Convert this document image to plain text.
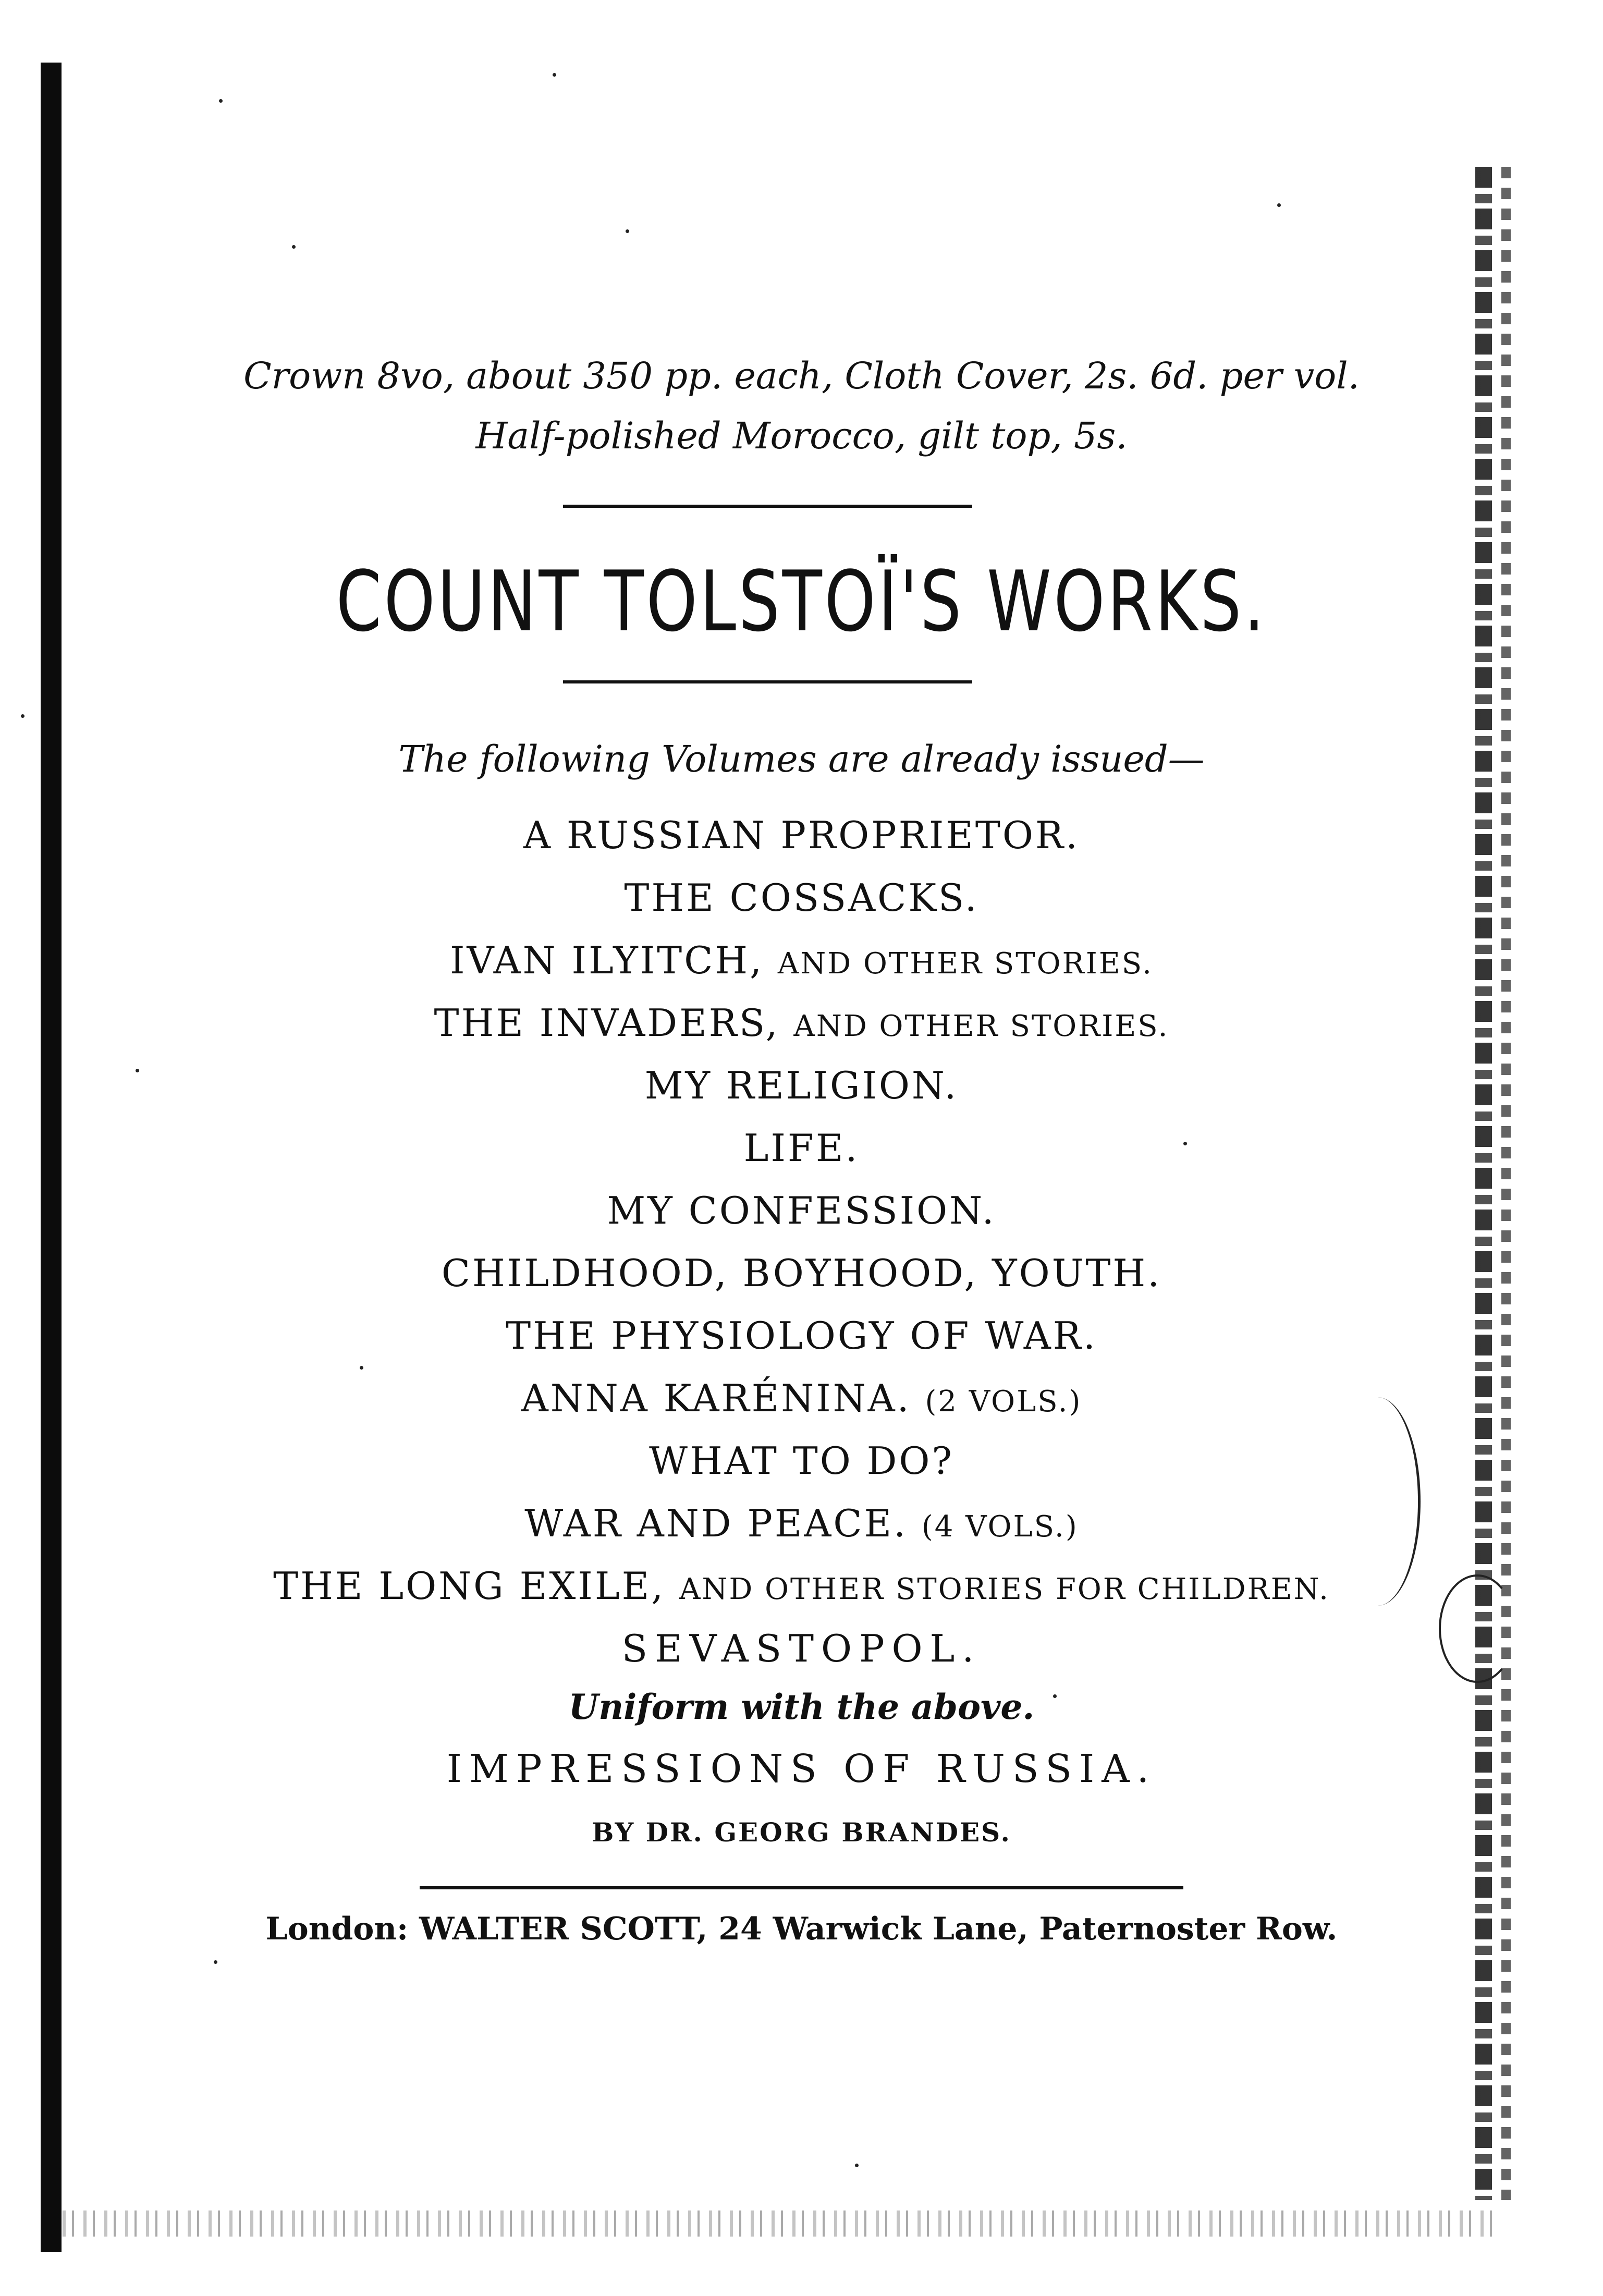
Crown 8vo, about 350 pp. each, Cloth Cover, 2s. 6d. per vol.

Half-polished Morocco, gilt top, 5s.

COUNT TOLSTOÏ'S WORKS.

The following Volumes are already issued—

A RUSSIAN PROPRIETOR.

THE COSSACKS.

IVAN ILYITCH, AND OTHER STORIES.

THE INVADERS, AND OTHER STORIES.

MY RELIGION.

LIFE.

MY CONFESSION.

CHILDHOOD, BOYHOOD, YOUTH.

THE PHYSIOLOGY OF WAR.

ANNA KARÉNINA. (2 VOLS.)

WHAT TO DO?

WAR AND PEACE. (4 VOLS.)

THE LONG EXILE, AND OTHER STORIES FOR CHILDREN.

SEVASTOPOL.

Uniform with the above.

IMPRESSIONS OF RUSSIA.

BY DR. GEORG BRANDES.

London: WALTER SCOTT, 24 Warwick Lane, Paternoster Row.
